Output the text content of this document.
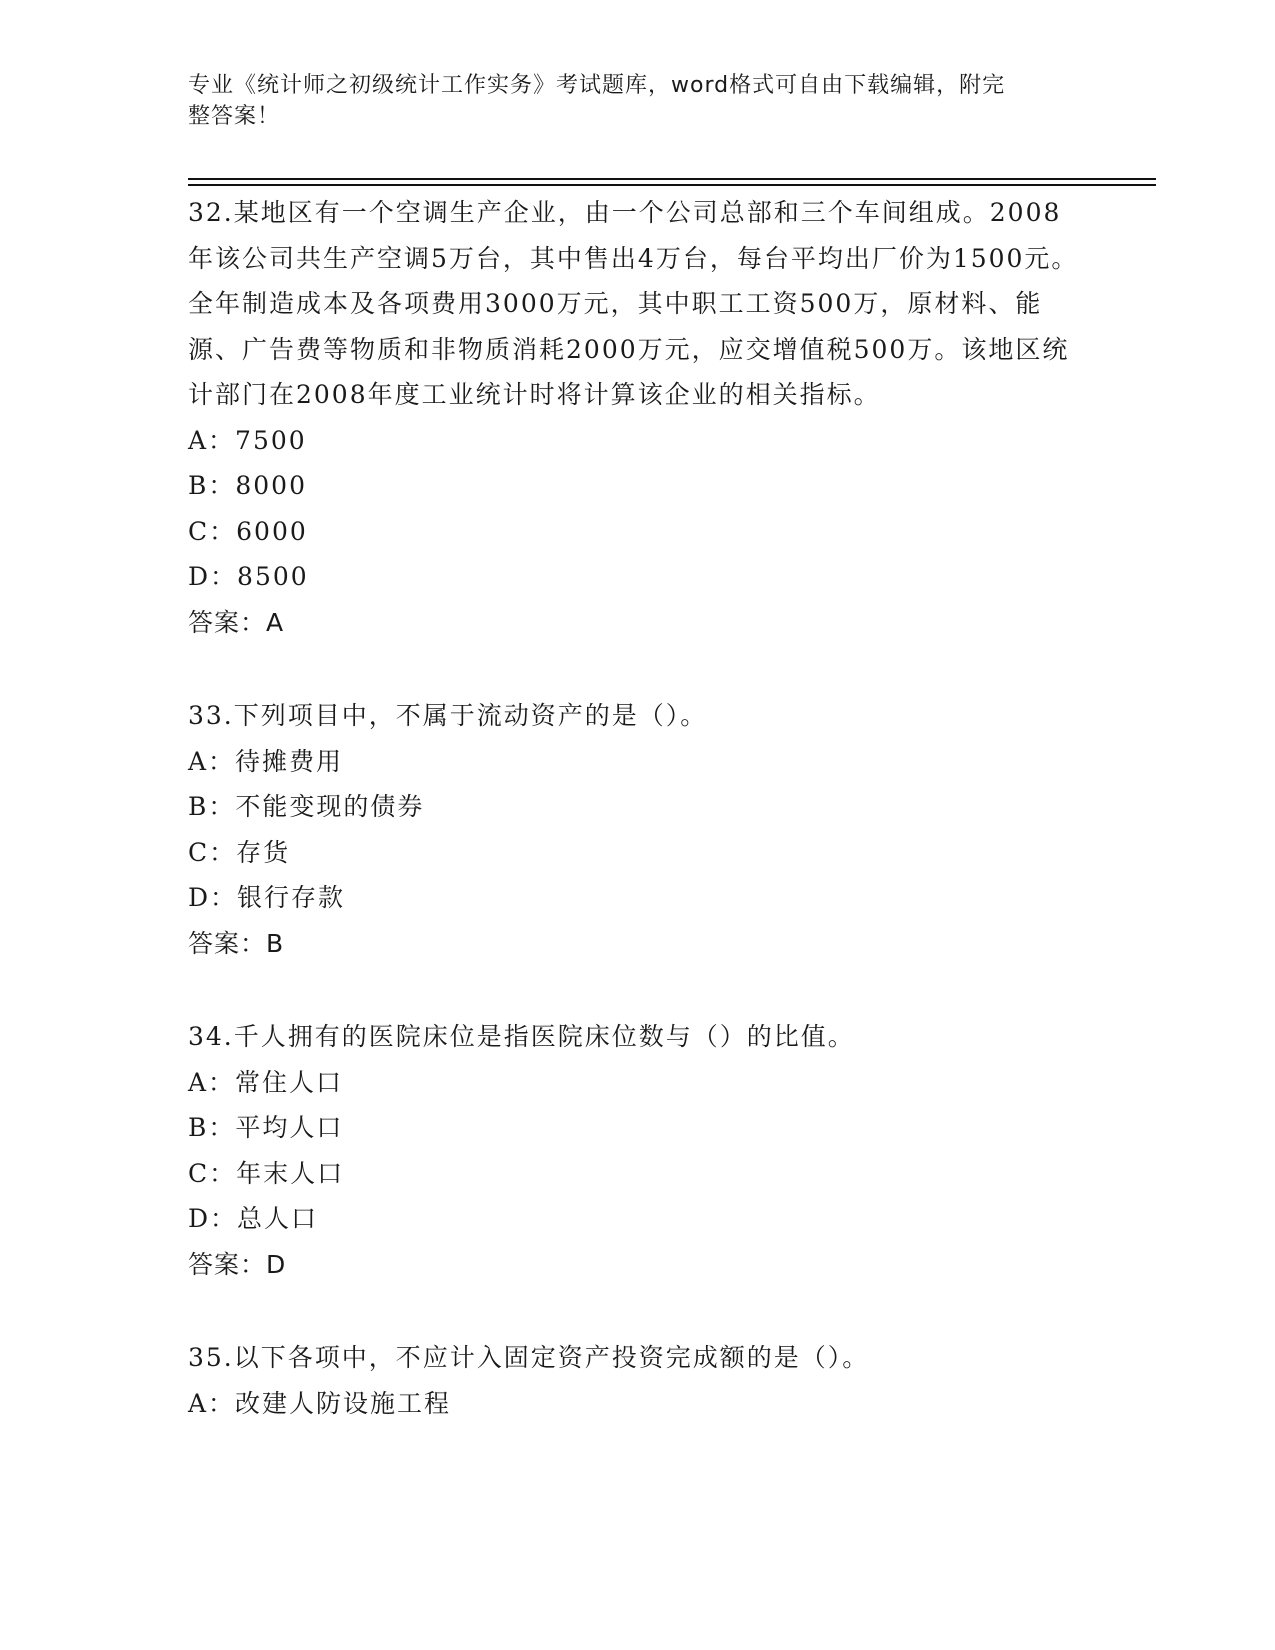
专业《统计师之初级统计工作实务》考试题库，word格式可自由下载编辑，附完
整答案！
32.某地区有一个空调生产企业，由一个公司总部和三个车间组成。2008年该公司共生产空调5万台，其中售出4万台，每台平均出厂价为1500元。全年制造成本及各项费用3000万元，其中职工工资500万，原材料、能源、广告费等物质和非物质消耗2000万元，应交增值税500万。该地区统计部门在2008年度工业统计时将计算该企业的相关指标。
A：7500
B：8000
C：6000
D：8500
答案：A
33.下列项目中，不属于流动资产的是（）。
A：待摊费用
B：不能变现的债券
C：存货
D：银行存款
答案：B
34.千人拥有的医院床位是指医院床位数与（）的比值。
A：常住人口
B：平均人口
C：年末人口
D：总人口
答案：D
35.以下各项中，不应计入固定资产投资完成额的是（）。
A：改建人防设施工程
